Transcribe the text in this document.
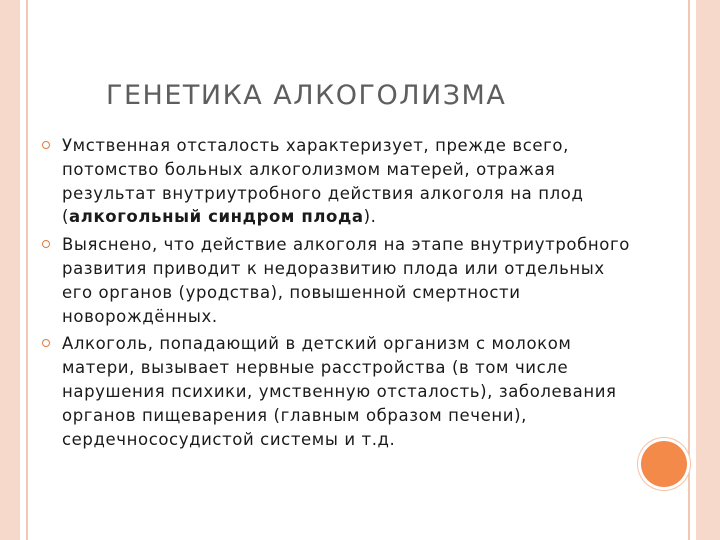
ГЕНЕТИКА АЛКОГОЛИЗМА
Умственная отсталость характеризует, прежде всего, потомство больных алкоголизмом матерей, отражая результат внутриутробного действия алкоголя на плод (алкогольный синдром плода).
Выяснено, что действие алкоголя на этапе внутриутробного развития приводит к недоразвитию плода или отдельных его органов (уродства), повышенной смертности новорождённых.
Алкоголь, попадающий в детский организм с молоком матери, вызывает нервные расстройства (в том числе нарушения психики, умственную отсталость), заболевания органов пищеварения (главным образом печени), сердечнососудистой системы и т.д.
